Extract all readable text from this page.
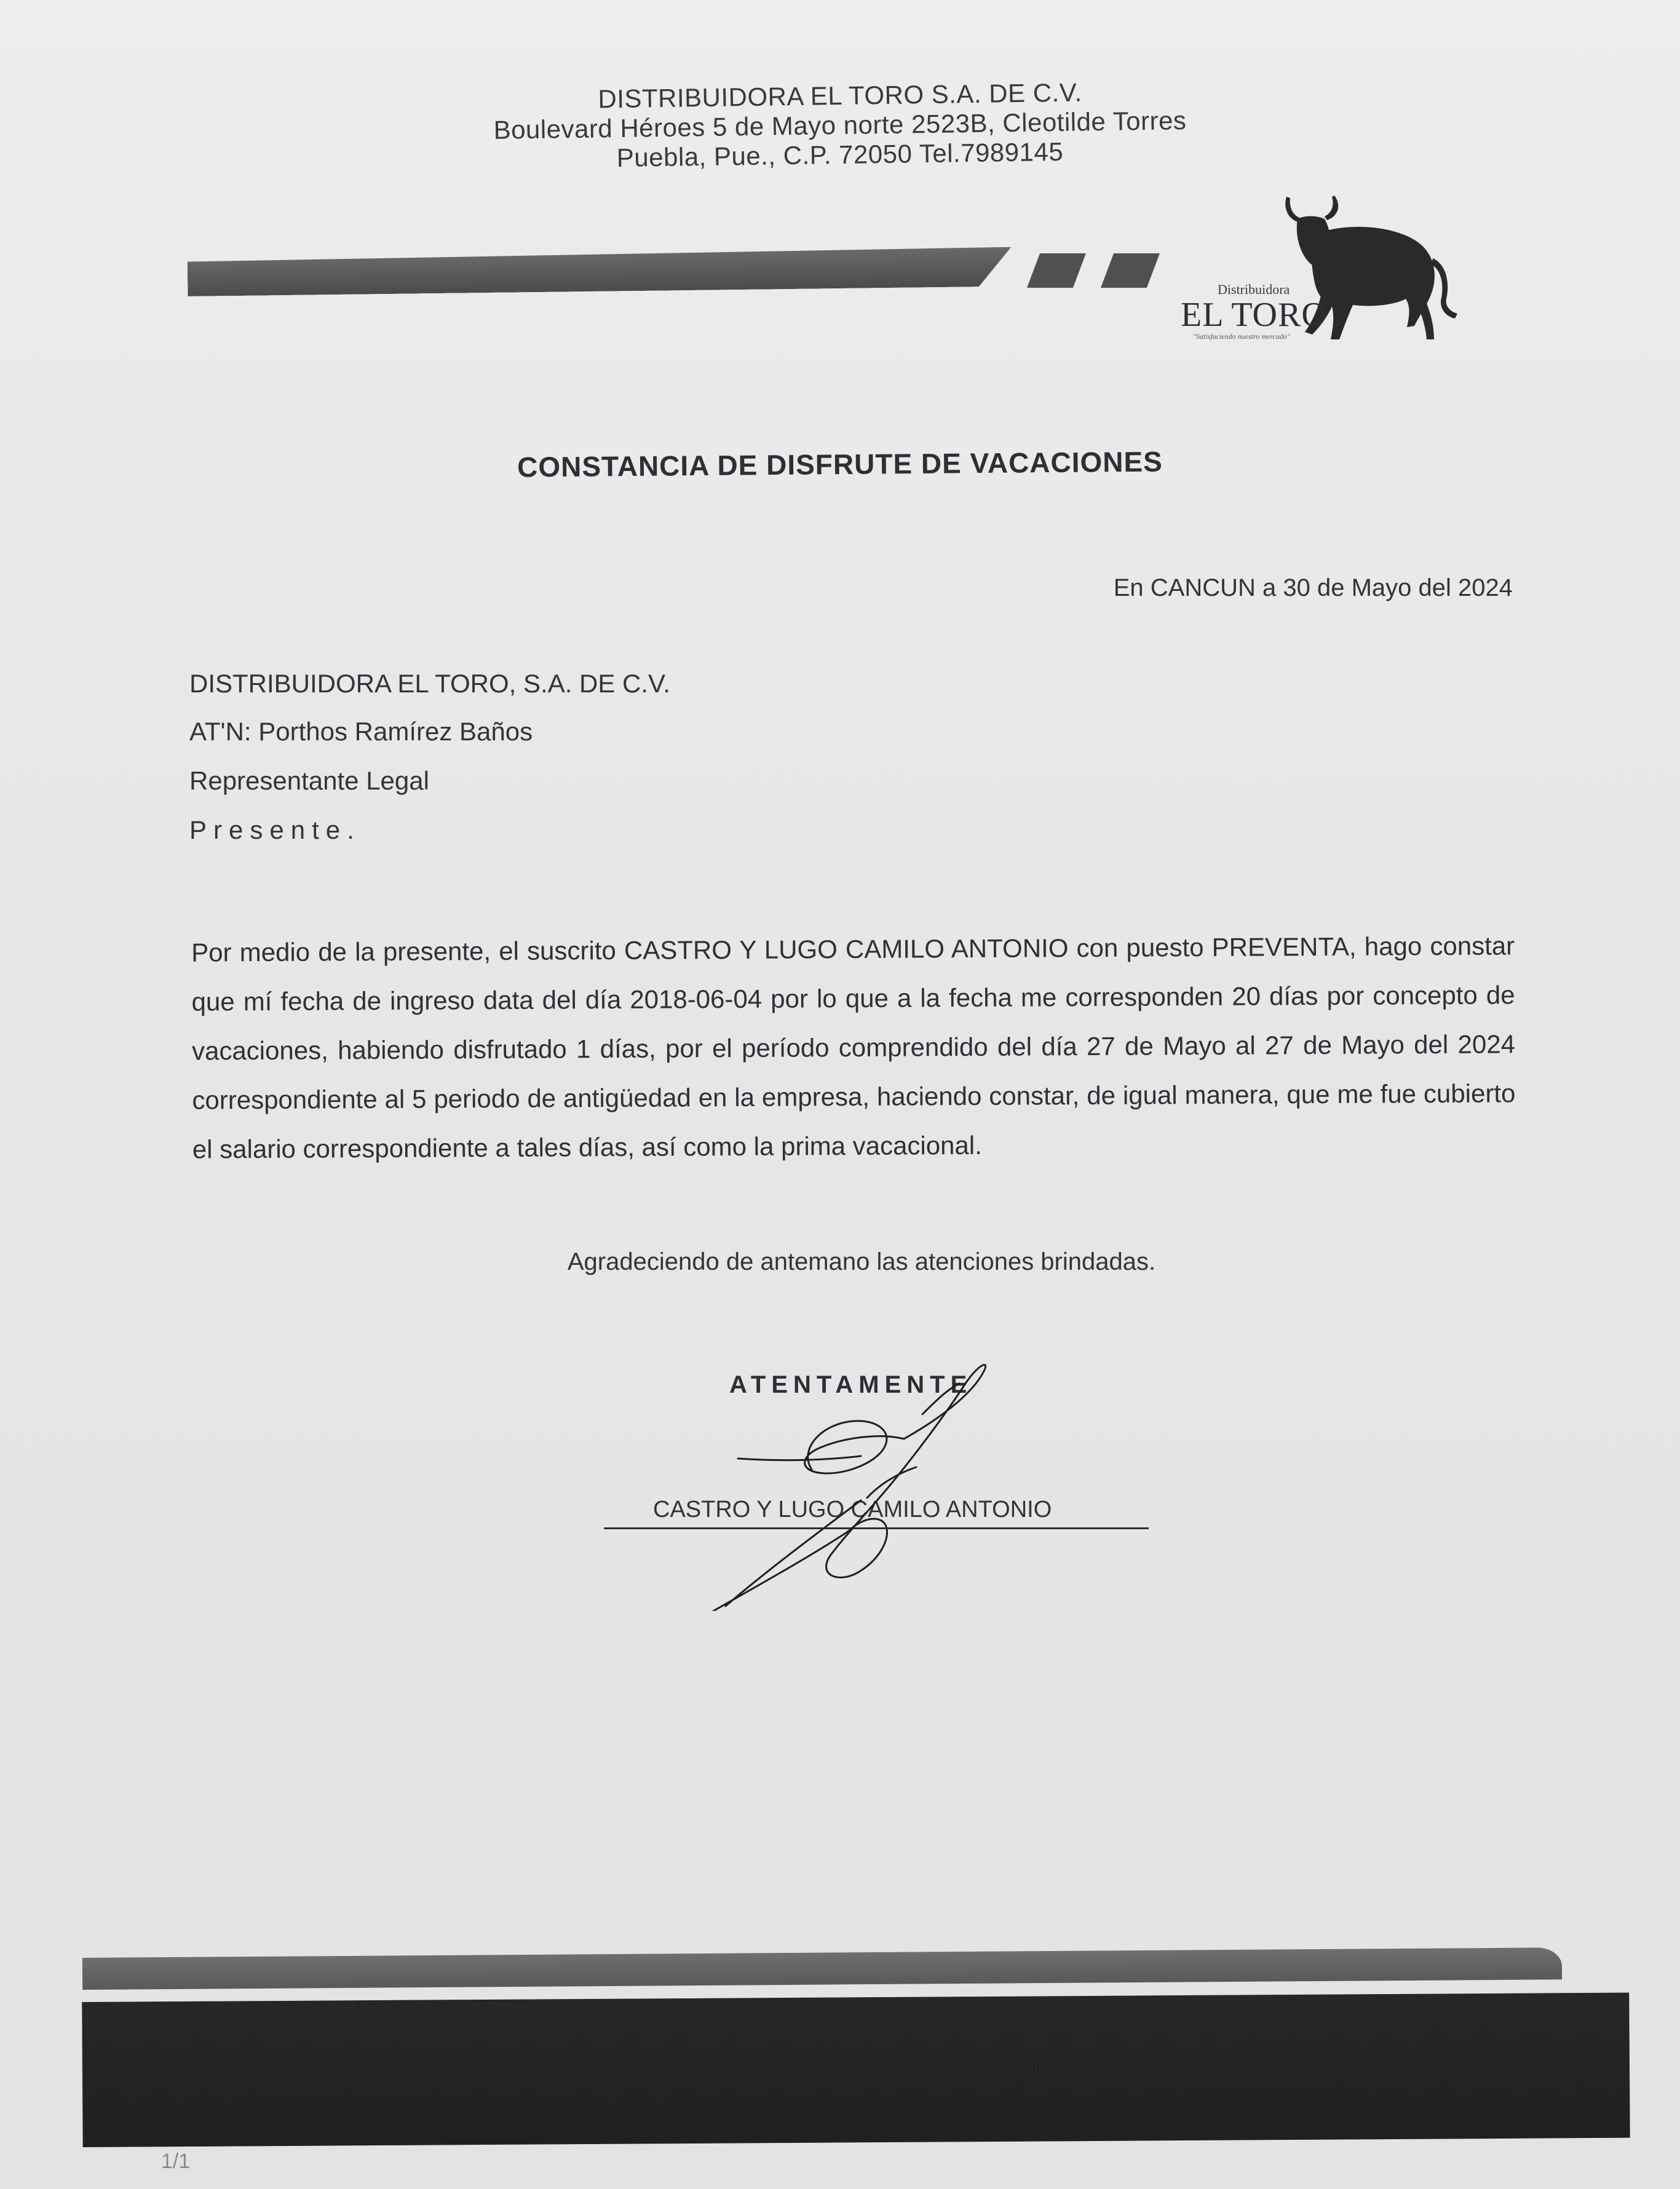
DISTRIBUIDORA EL TORO S.A. DE C.V.
Boulevard Héroes 5 de Mayo norte 2523B, Cleotilde Torres
Puebla, Pue., C.P. 72050 Tel.7989145
Distribuidora
EL TORO
"Satisfaciendo nuestro mercado"
CONSTANCIA DE DISFRUTE DE VACACIONES
En CANCUN a 30 de Mayo del 2024
DISTRIBUIDORA EL TORO, S.A. DE C.V.
AT'N: Porthos Ramírez Baños
Representante Legal
Presente.
Por medio de la presente, el suscrito CASTRO Y LUGO CAMILO ANTONIO con puesto PREVENTA, hago constar que mí fecha de ingreso data del día 2018-06-04 por lo que a la fecha me corresponden 20 días por concepto de vacaciones, habiendo disfrutado 1 días, por el período comprendido del día 27 de Mayo al 27 de Mayo del 2024 correspondiente al 5 periodo de antigüedad en la empresa, haciendo constar, de igual manera, que me fue cubierto el salario correspondiente a tales días, así como la prima vacacional.
Agradeciendo de antemano las atenciones brindadas.
ATENTAMENTE
CASTRO Y LUGO CAMILO ANTONIO
1/1
